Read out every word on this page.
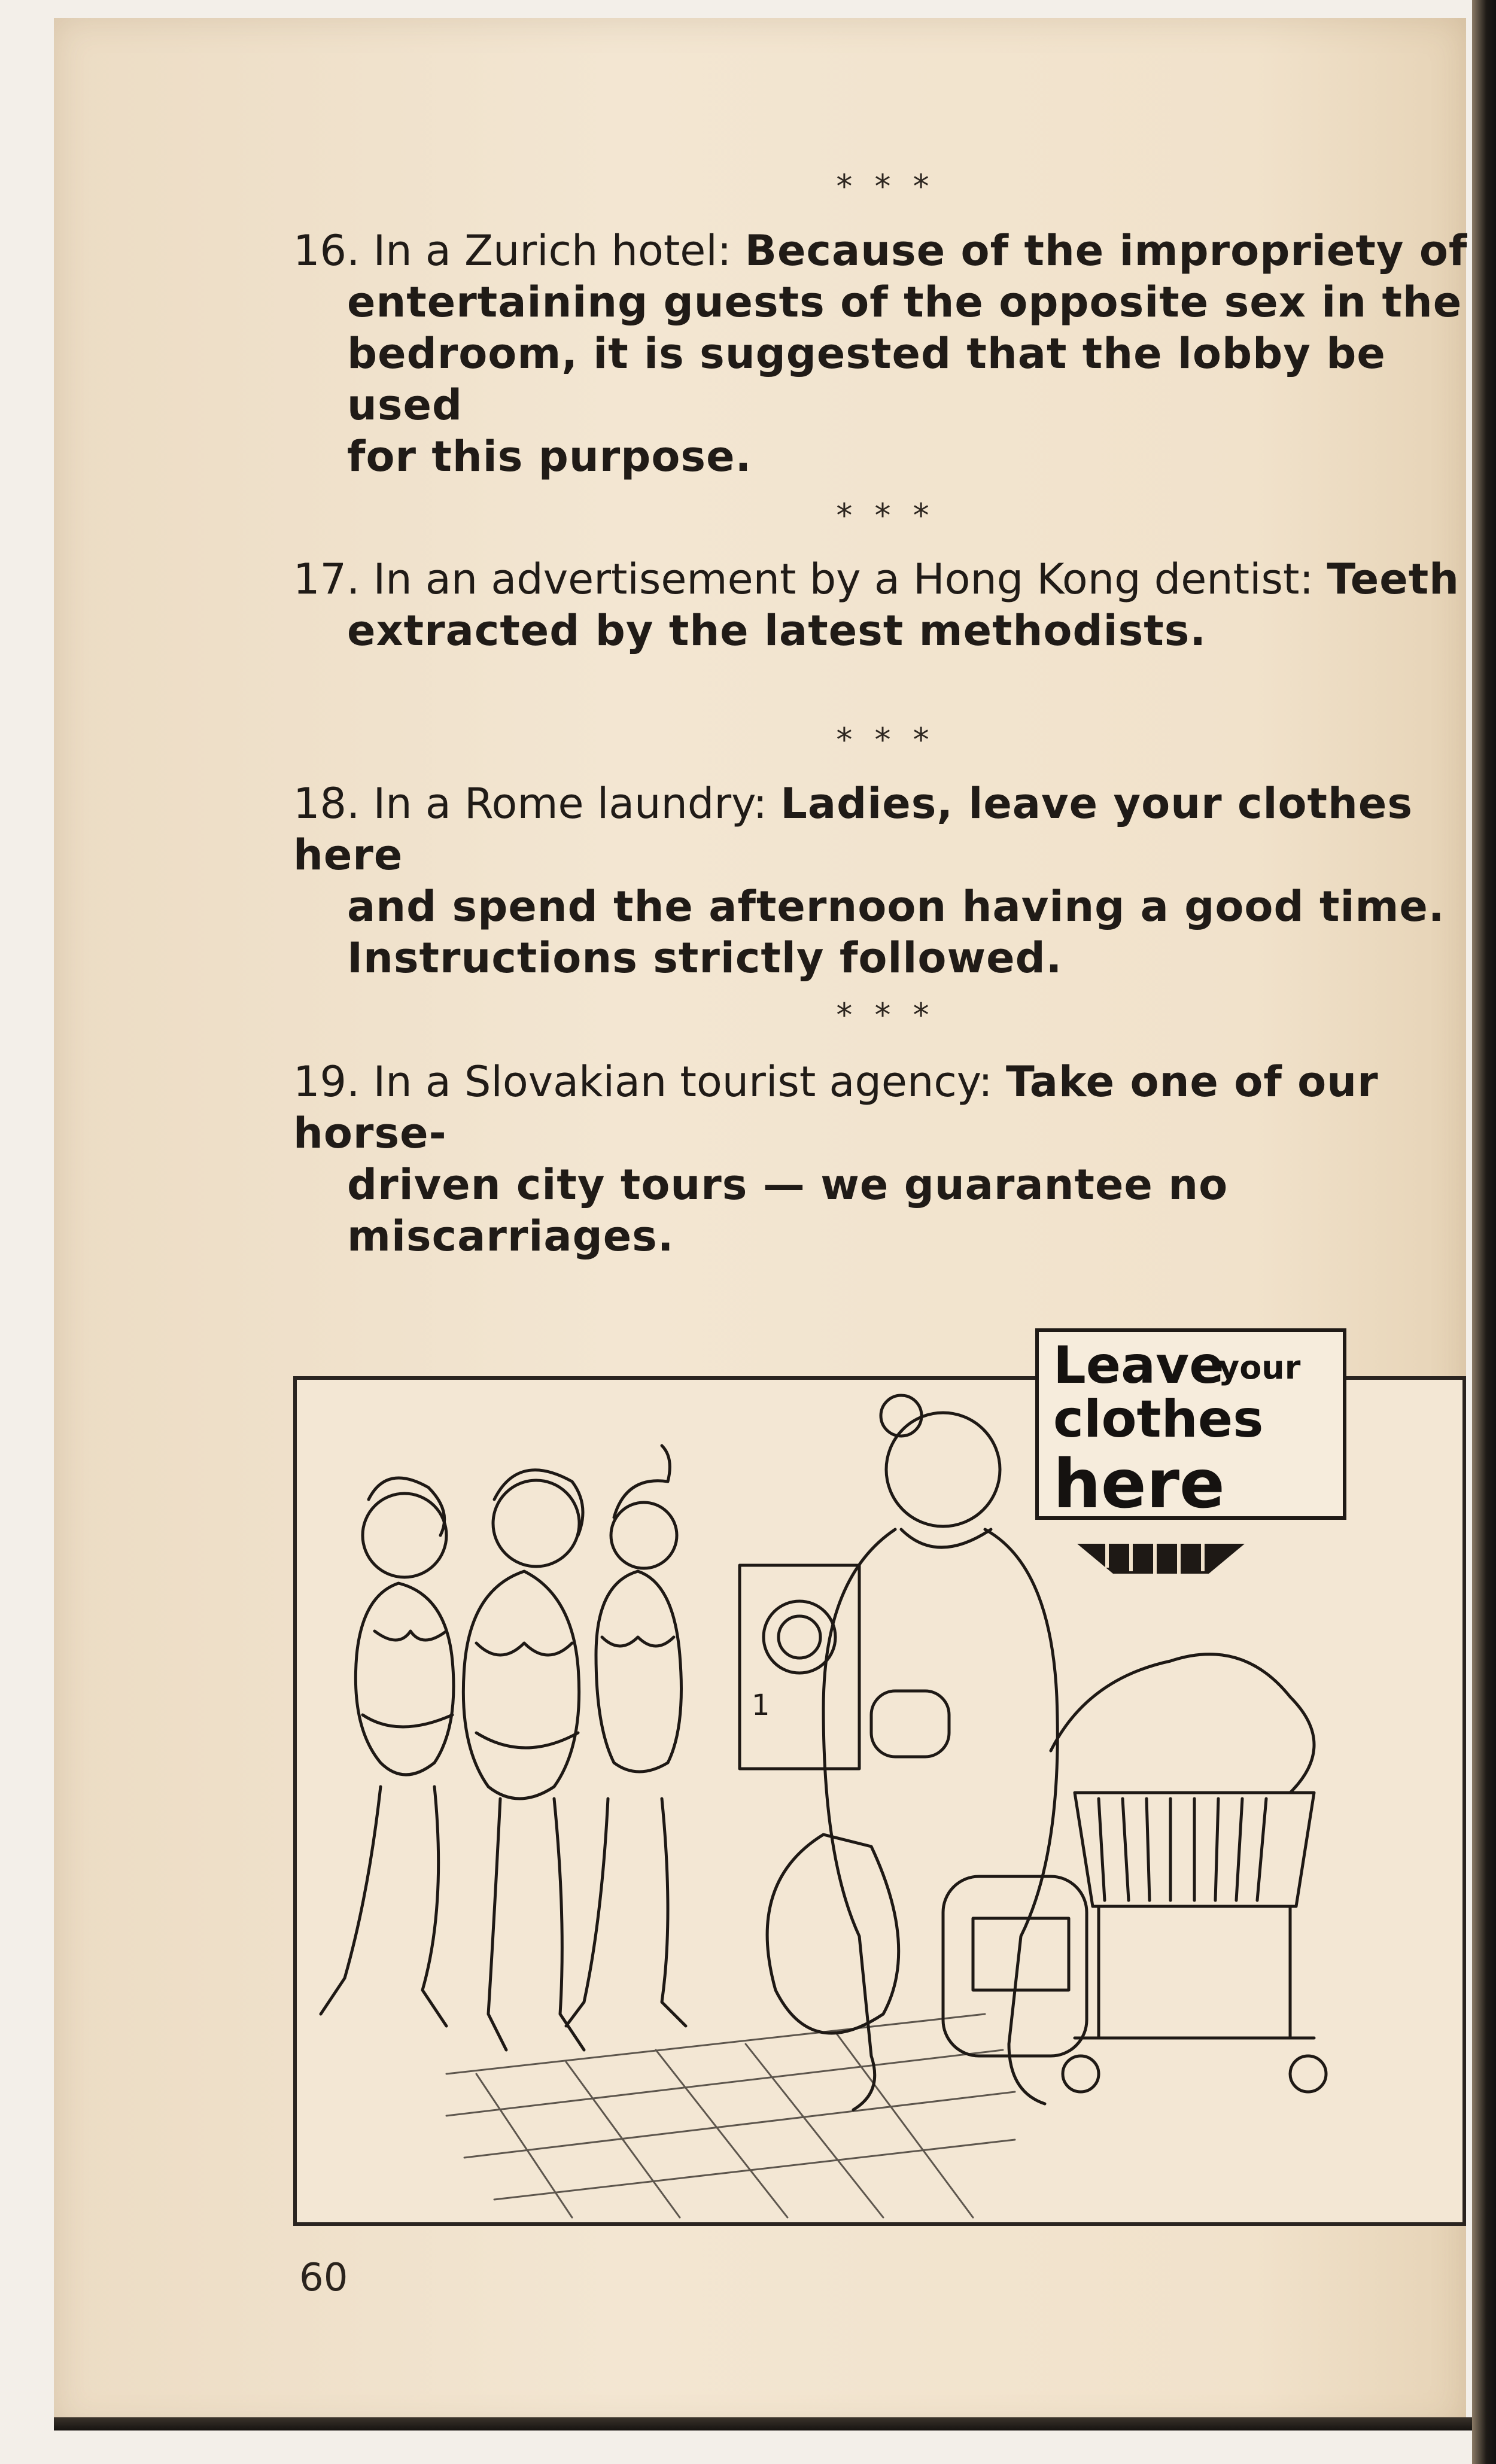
* * *
16. In a Zurich hotel: Because of the impropriety of
entertaining guests of the opposite sex in the
bedroom, it is suggested that the lobby be used
for this purpose.
* * *
17. In an advertisement by a Hong Kong dentist: Teeth
extracted by the latest methodists.
* * *
18. In a Rome laundry: Ladies, leave your clothes here
and spend the afternoon having a good time.
Instructions strictly followed.
* * *
19. In a Slovakian tourist agency: Take one of our horse-
driven city tours — we guarantee no miscarriages.
1
Leave
your
clothes
here
60
